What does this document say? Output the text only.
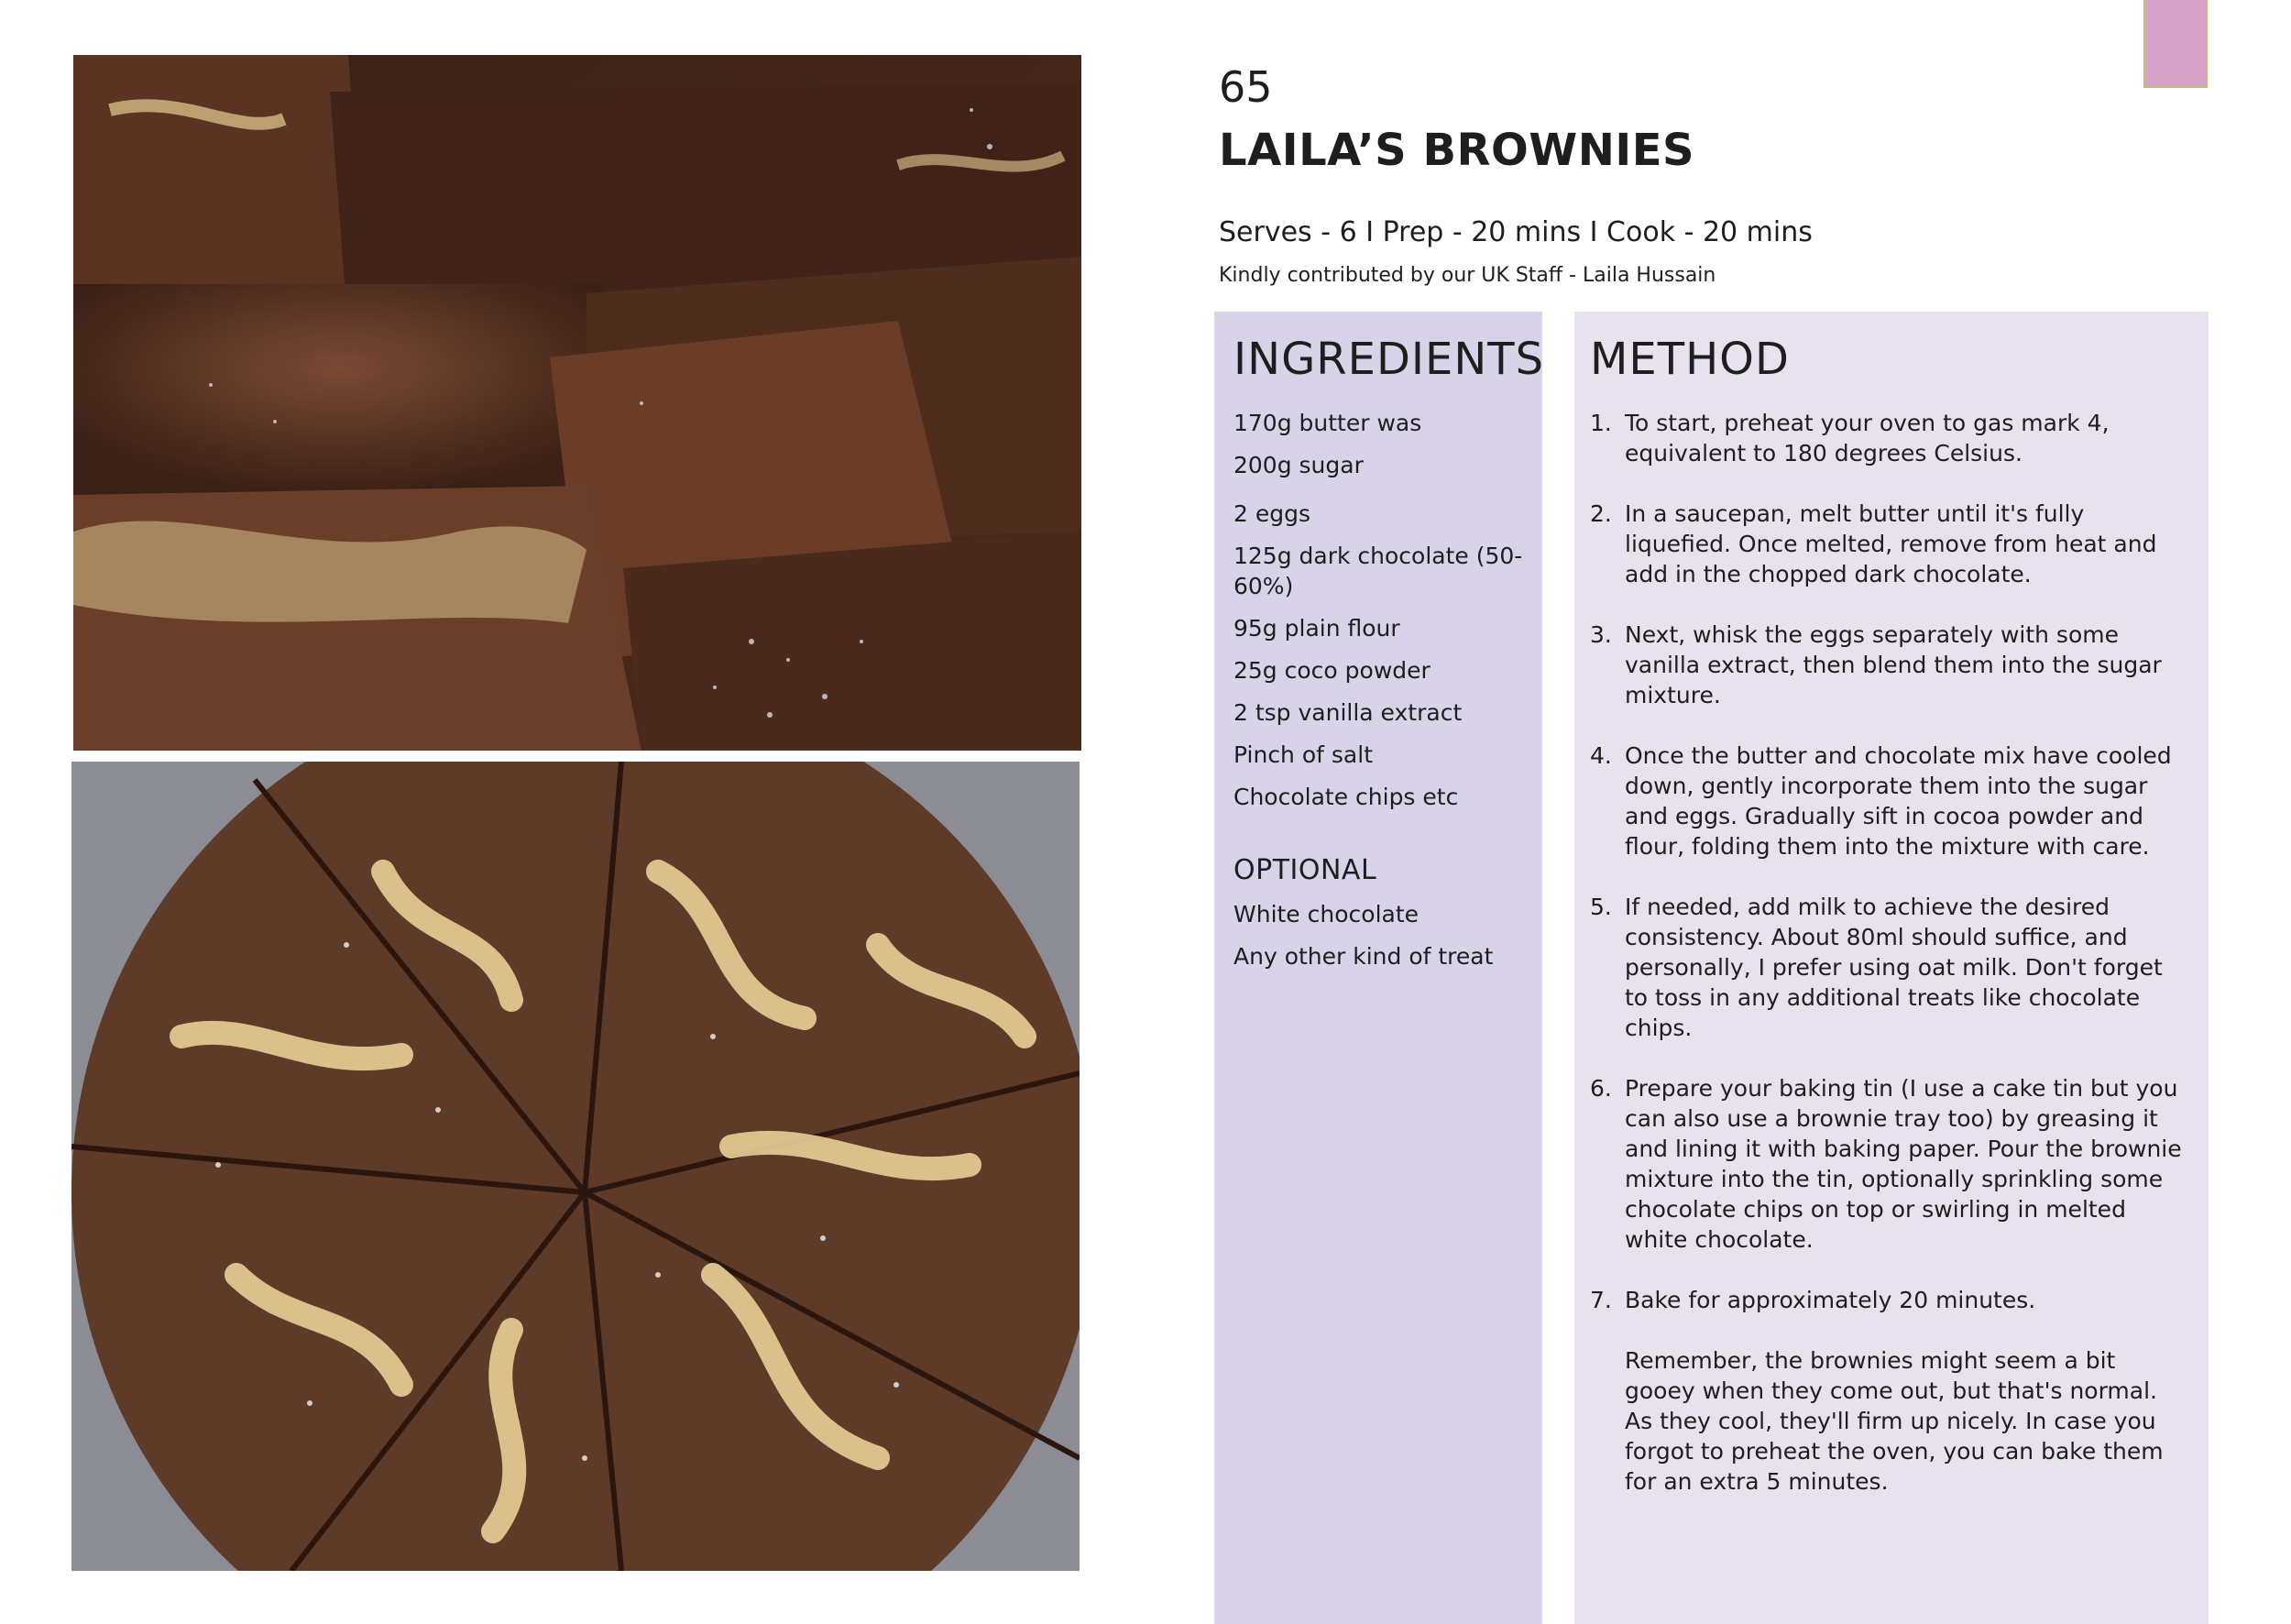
65
LAILA’S BROWNIES
Serves - 6 I Prep - 20 mins I Cook - 20 mins
Kindly contributed by our UK Staff - Laila Hussain
INGREDIENTS
170g butter was
200g sugar
2 eggs
125g dark chocolate (50-60%)
95g plain flour
25g coco powder
2 tsp vanilla extract
Pinch of salt
Chocolate chips etc
OPTIONAL
White chocolate
Any other kind of treat
METHOD
1. To start, preheat your oven to gas mark 4, equivalent to 180 degrees Celsius.
2. In a saucepan, melt butter until it's fully liquefied. Once melted, remove from heat and add in the chopped dark chocolate.
3. Next, whisk the eggs separately with some vanilla extract, then blend them into the sugar mixture.
4. Once the butter and chocolate mix have cooled down, gently incorporate them into the sugar and eggs. Gradually sift in cocoa powder and flour, folding them into the mixture with care.
5. If needed, add milk to achieve the desired consistency. About 80ml should suffice, and personally, I prefer using oat milk. Don't forget to toss in any additional treats like chocolate chips.
6. Prepare your baking tin (I use a cake tin but you can also use a brownie tray too) by greasing it and lining it with baking paper. Pour the brownie mixture into the tin, optionally sprinkling some chocolate chips on top or swirling in melted white chocolate.
7. Bake for approximately 20 minutes.
Remember, the brownies might seem a bit gooey when they come out, but that's normal. As they cool, they'll firm up nicely. In case you forgot to preheat the oven, you can bake them for an extra 5 minutes.
